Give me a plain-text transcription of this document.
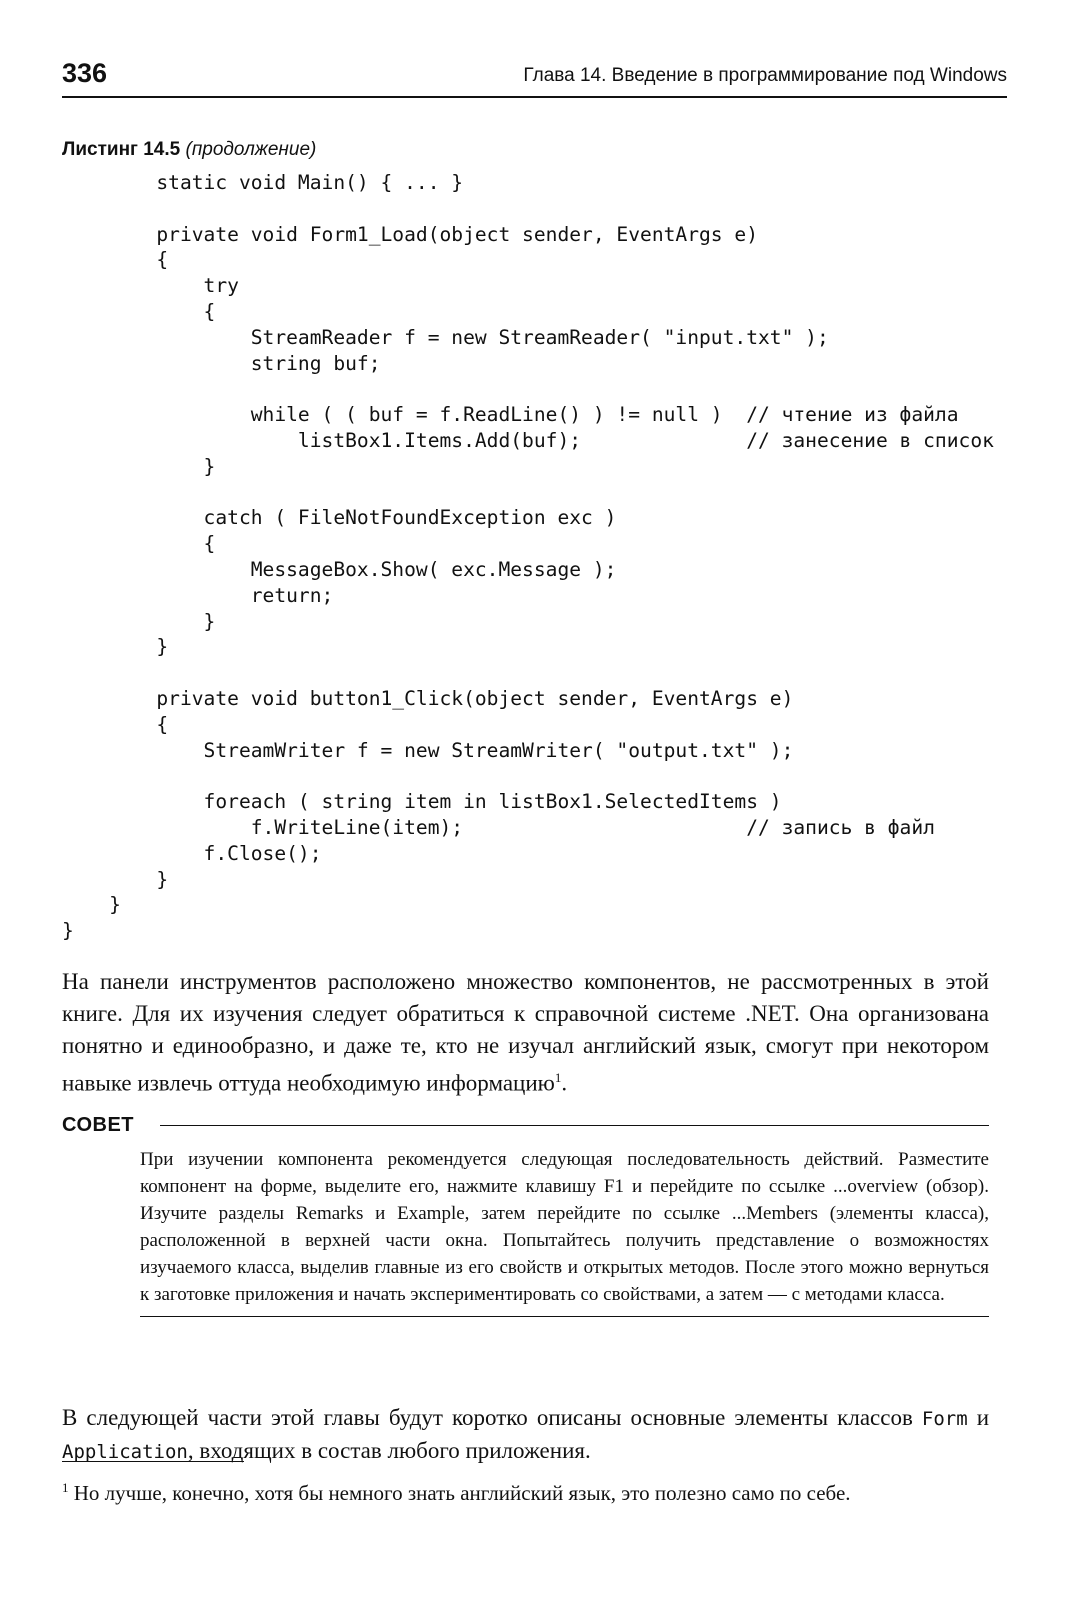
336	Глава 14. Введение в программирование под Windows
Листинг 14.5 (продолжение)
static void Main() { ... }
private void Form1_Load(object sender, EventArgs e)
{
try
{
StreamReader f = new StreamReader( "input.txt" );
string buf;
while ( ( buf = f.ReadLine() ) != null )  // чтение из файла
listBox1.Items.Add(buf);              // занесение в список
}
catch ( FileNotFoundException exc )
{
MessageBox.Show( exc.Message );
return;
}
}
private void button1_Click(object sender, EventArgs e)
{
StreamWriter f = new StreamWriter( "output.txt" );
foreach ( string item in listBox1.SelectedItems )
f.WriteLine(item);                        // запись в файл
f.Close();
}
}
}

На панели инструментов расположено множество компонентов, не рассмотренных в этой книге. Для их изучения следует обратиться к справочной системе .NET. Она организована понятно и единообразно, и даже те, кто не изучал английский язык, смогут при некотором навыке извлечь оттуда необходимую информацию$^1$.

СОВЕТ
При изучении компонента рекомендуется следующая последовательность действий. Разместите компонент на форме, выделите его, нажмите клавишу F1 и перейдите по ссылке ...overview (обзор). Изучите разделы Remarks и Example, затем перейдите по ссылке ...Members (элементы класса), расположенной в верхней части окна. Попытайтесь получить представление о возможностях изучаемого класса, выделив главные из его свойств и открытых методов. После этого можно вернуться к заготовке приложения и начать экспериментировать со свойствами, а затем — с методами класса.

В следующей части этой главы будут коротко описаны основные элементы классов Form и Application, входящих в состав любого приложения.

$^1$ Но лучше, конечно, хотя бы немного знать английский язык, это полезно само по себе.
